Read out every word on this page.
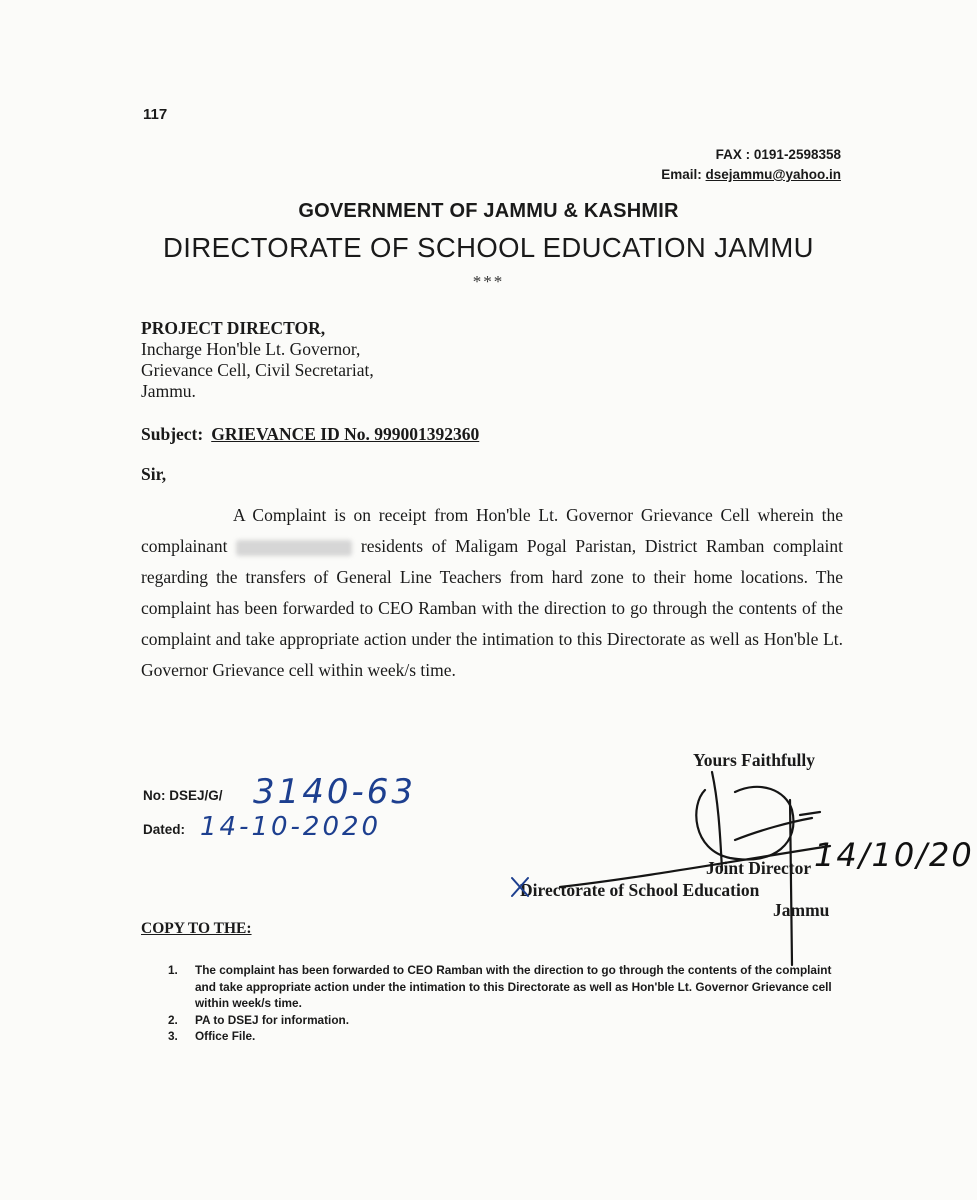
117
FAX : 0191-2598358
Email: dsejammu@yahoo.in
GOVERNMENT OF JAMMU & KASHMIR
DIRECTORATE OF SCHOOL EDUCATION JAMMU
***
PROJECT DIRECTOR,
Incharge Hon'ble Lt. Governor,
Grievance Cell, Civil Secretariat,
Jammu.
Subject: GRIEVANCE ID No. 999001392360
Sir,
A Complaint is on receipt from Hon'ble Lt. Governor Grievance Cell wherein the complainant	residents of Maligam Pogal Paristan, District Ramban complaint regarding the transfers of General Line Teachers from hard zone to their home locations. The complaint has been forwarded to CEO Ramban with the direction to go through the contents of the complaint and take appropriate action under the intimation to this Directorate as well as Hon'ble Lt. Governor Grievance cell within week/s time.
Yours Faithfully
No: DSEJ/G/ 3140-63
Dated: 14-10-2020
Joint Director
Directorate of School Education
Jammu
14/10/20
COPY TO THE:
1.	The complaint has been forwarded to CEO Ramban with the direction to go through the contents of the complaint and take appropriate action under the intimation to this Directorate as well as Hon'ble Lt. Governor Grievance cell within week/s time.
2.	PA to DSEJ for information.
3.	Office File.
